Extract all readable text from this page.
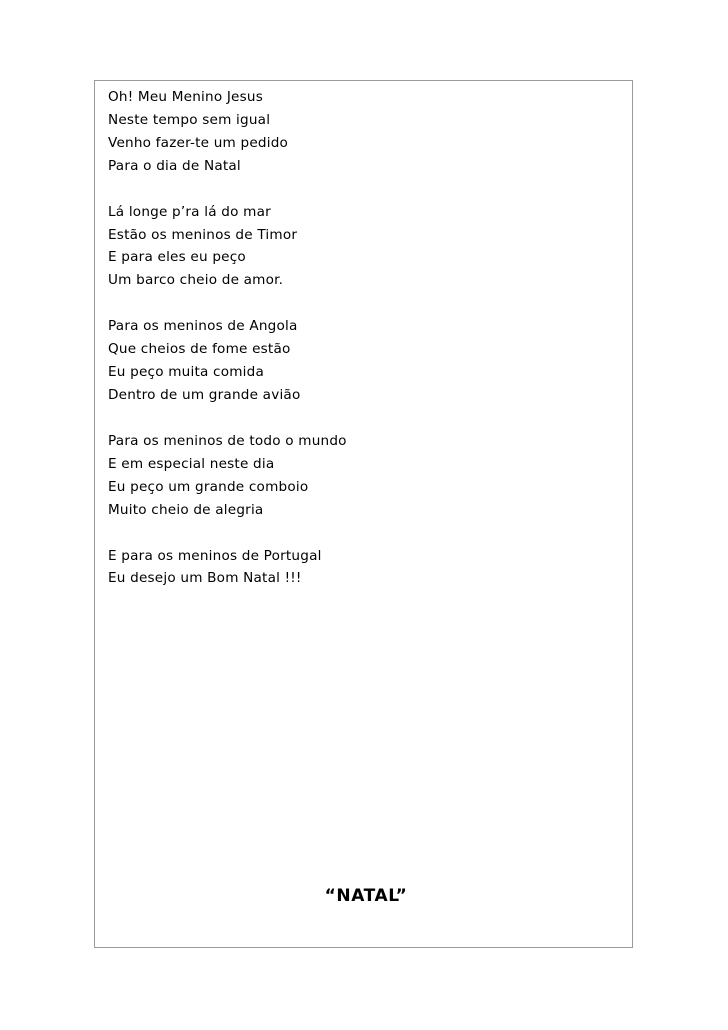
Oh! Meu Menino Jesus
Neste tempo sem igual
Venho fazer-te um pedido
Para o dia de Natal
Lá longe p’ra lá do mar
Estão os meninos de Timor
E para eles eu peço
Um barco cheio de amor.
Para os meninos de Angola
Que cheios de fome estão
Eu peço muita comida
Dentro de um grande avião
Para os meninos de todo o mundo
E em especial neste dia
Eu peço um grande comboio
Muito cheio de alegria
E para os meninos de Portugal
Eu desejo um Bom Natal !!!
“NATAL”
